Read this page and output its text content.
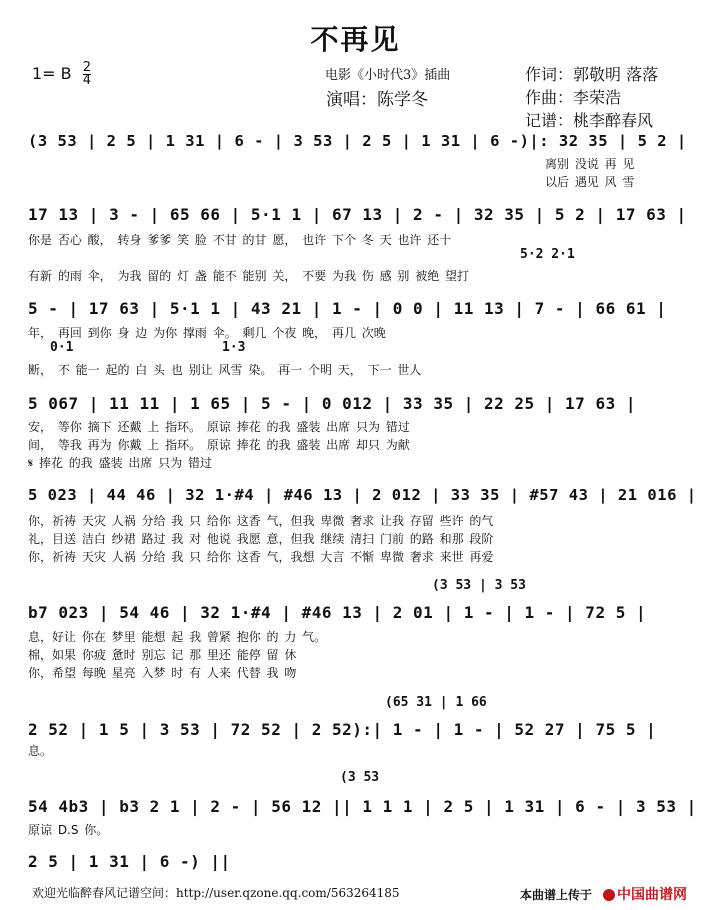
不再见
1= B $\frac{2}{4}$	电影《小时代3》插曲
演唱：陈学冬
作词：郭敬明 落落
作曲：李荣浩
记谱：桃李醉春风
(3 53 | 2 5 | 1 31 | 6 - | 3 53 | 2 5 | 1 31 | 6 -)|: 32 35 | 5 2 |
离别 没说 再 见
以后 遇见 风 雪
17 13 | 3 - | 65 66 | 5·1 1 | 67 13 | 2 - | 32 35 | 5 2 | 17 63 |
你是 否心 酸， 转身 爹爹 笑 脸 不甘 的甘 愿， 也许 下个 冬 天 也许 还十
5·2 2·1
有新 的雨 伞， 为我 留的 灯 盏 能不 能别 关， 不要 为我 伤 感 别 被绝 望打
5 - | 17 63 | 5·1 1 | 43 21 | 1 - | 0 0 | 11 13 | 7 - | 66 61 |
年， 再回 到你 身 边 为你 撑雨 伞。 剩几 个夜 晚， 再几 次晚
0·1	1·3
断， 不 能一 起的 白 头 也 别让 风雪 染。 再一 个明 天， 下一 世人
5 067 | 11 11 | 1 65 | 5 - | 0 012 | 33 35 | 22 25 | 17 63 |
安， 等你 摘下 还戴 上 指环。 原谅 捧花 的我 盛装 出席 只为 错过
间， 等我 再为 你戴 上 指环。 原谅 捧花 的我 盛装 出席 却只 为献
𝄋 捧花 的我 盛装 出席 只为 错过
5 023 | 44 46 | 32 1·#4 | #46 13 | 2 012 | 33 35 | #57 43 | 21 016 |
你，祈祷 天灾 人祸 分给 我 只 给你 这香 气，但我 卑微 奢求 让我 存留 些许 的气
礼，目送 洁白 纱裙 路过 我 对 他说 我愿 意，但我 继续 清扫 门前 的路 和那 段阶
你，祈祷 天灾 人祸 分给 我 只 给你 这香 气，我想 大言 不惭 卑微 奢求 来世 再爱
(3 53 | 3 53
b7 023 | 54 46 | 32 1·#4 | #46 13 | 2 01 | 1 - | 1 - | 72 5 |
息，好让 你在 梦里 能想 起 我 曾紧 抱你 的 力 气。
棉，如果 你疲 惫时 别忘 记 那 里还 能停 留 休
你，希望 每晚 星亮 入梦 时 有 人来 代替 我 吻
(65 31 | 1 66
2 52 | 1 5 | 3 53 | 72 52 | 2 52):| 1 - | 1 - | 52 27 | 75 5 |
息。
(3 53
54 4b3 | b3 2 1 | 2 - | 56 12 || 1 1 1 | 2 5 | 1 31 | 6 - | 3 53 |
原谅 D.S 你。
2 5 | 1 31 | 6 -) ||
欢迎光临醉春风记谱空间：http://user.qzone.qq.com/563264185	本曲谱上传于	中国曲谱网
